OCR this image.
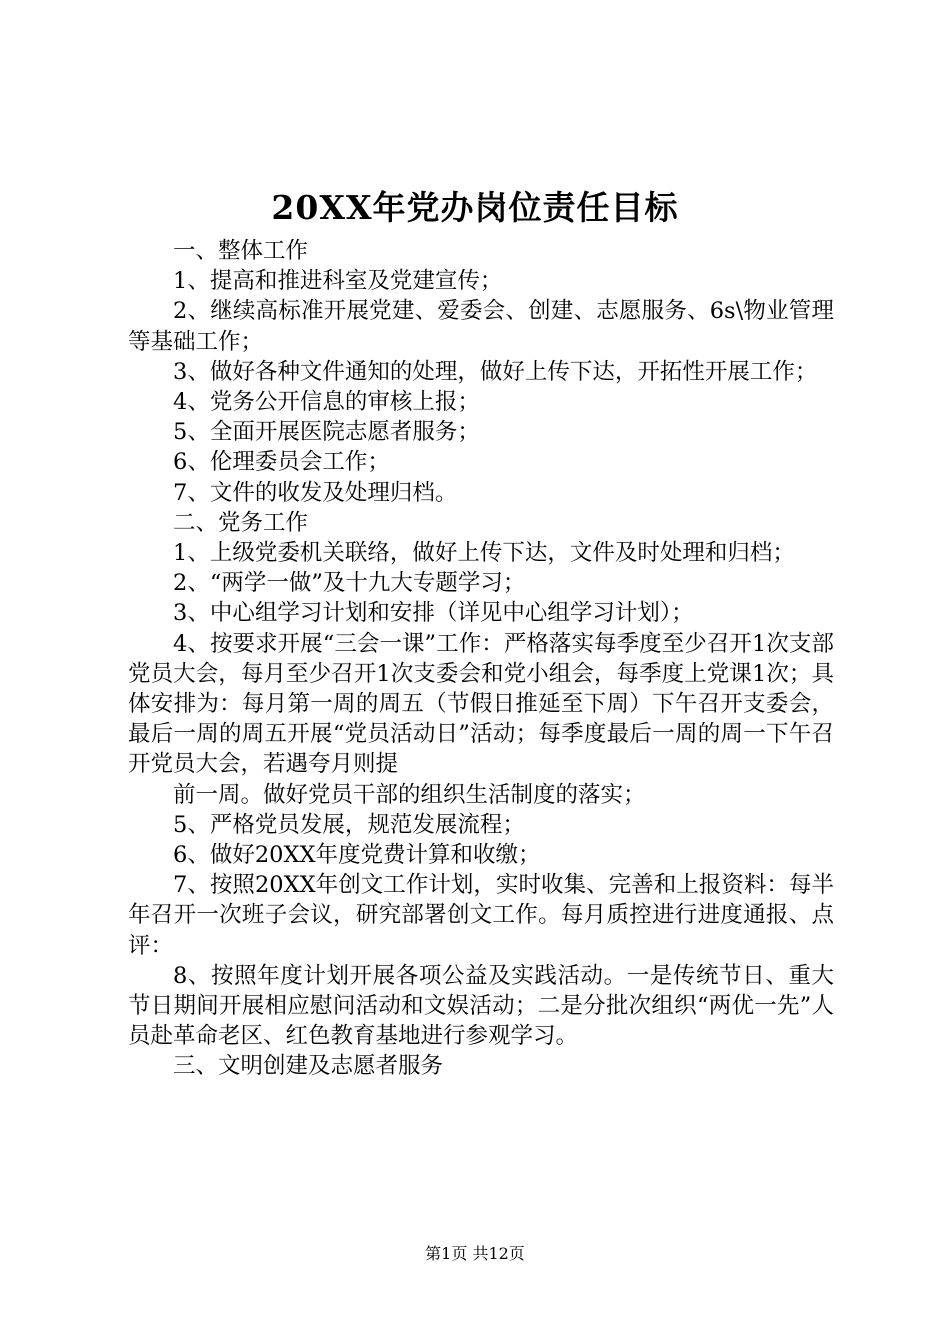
20XX年党办岗位责任目标

一、整体工作

1、提高和推进科室及党建宣传；

2、继续高标准开展党建、爱委会、创建、志愿服务、6s\物业管理等基础工作；

3、做好各种文件通知的处理，做好上传下达，开拓性开展工作；

4、党务公开信息的审核上报；

5、全面开展医院志愿者服务；

6、伦理委员会工作；

7、文件的收发及处理归档。

二、党务工作

1、上级党委机关联络，做好上传下达，文件及时处理和归档；

2、“两学一做”及十九大专题学习；

3、中心组学习计划和安排（详见中心组学习计划）；

4、按要求开展“三会一课”工作：严格落实每季度至少召开1次支部党员大会，每月至少召开1次支委会和党小组会，每季度上党课1次；具体安排为：每月第一周的周五（节假日推延至下周）下午召开支委会，最后一周的周五开展“党员活动日”活动；每季度最后一周的周一下午召开党员大会，若遇夸月则提

前一周。做好党员干部的组织生活制度的落实；

5、严格党员发展，规范发展流程；

6、做好20XX年度党费计算和收缴；

7、按照20XX年创文工作计划，实时收集、完善和上报资料：每半年召开一次班子会议，研究部署创文工作。每月质控进行进度通报、点评：

8、按照年度计划开展各项公益及实践活动。一是传统节日、重大节日期间开展相应慰问活动和文娱活动；二是分批次组织“两优一先”人员赴革命老区、红色教育基地进行参观学习。

三、文明创建及志愿者服务

第1页 共12页
